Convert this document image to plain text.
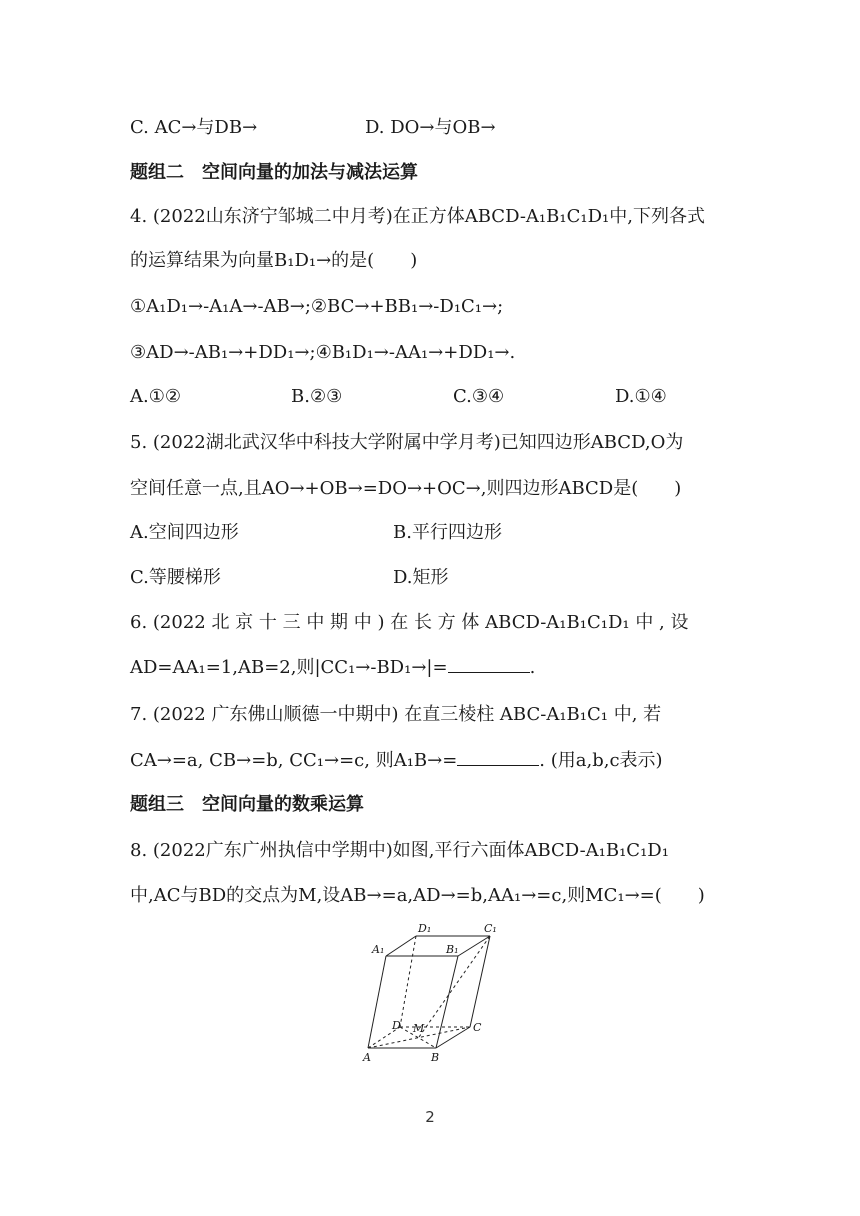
C. AC→与DB→	D. DO→与OB→
题组二　空间向量的加法与减法运算
4. (2022山东济宁邹城二中月考)在正方体ABCD-A₁B₁C₁D₁中,下列各式
的运算结果为向量B₁D₁→的是(　　)
①A₁D₁→-A₁A→-AB→;②BC→+BB₁→-D₁C₁→;
③AD→-AB₁→+DD₁→;④B₁D₁→-AA₁→+DD₁→.
A.①②	B.②③	C.③④	D.①④
5. (2022湖北武汉华中科技大学附属中学月考)已知四边形ABCD,O为
空间任意一点,且AO→+OB→=DO→+OC→,则四边形ABCD是(　　)
A.空间四边形	B.平行四边形
C.等腰梯形	D.矩形
6. (2022 北 京 十 三 中 期 中 ) 在 长 方 体 ABCD-A₁B₁C₁D₁ 中 , 设
AD=AA₁=1,AB=2,则|CC₁→-BD₁→|=	.
7. (2022 广东佛山顺德一中期中) 在直三棱柱 ABC-A₁B₁C₁ 中, 若
CA→=a, CB→=b, CC₁→=c, 则A₁B→=	. (用a,b,c表示)
题组三　空间向量的数乘运算
8. (2022广东广州执信中学期中)如图,平行六面体ABCD-A₁B₁C₁D₁
中,AC与BD的交点为M,设AB→=a,AD→=b,AA₁→=c,则MC₁→=(　　)
D₁	C₁
A₁	B₁
D M	C
A	B
2
